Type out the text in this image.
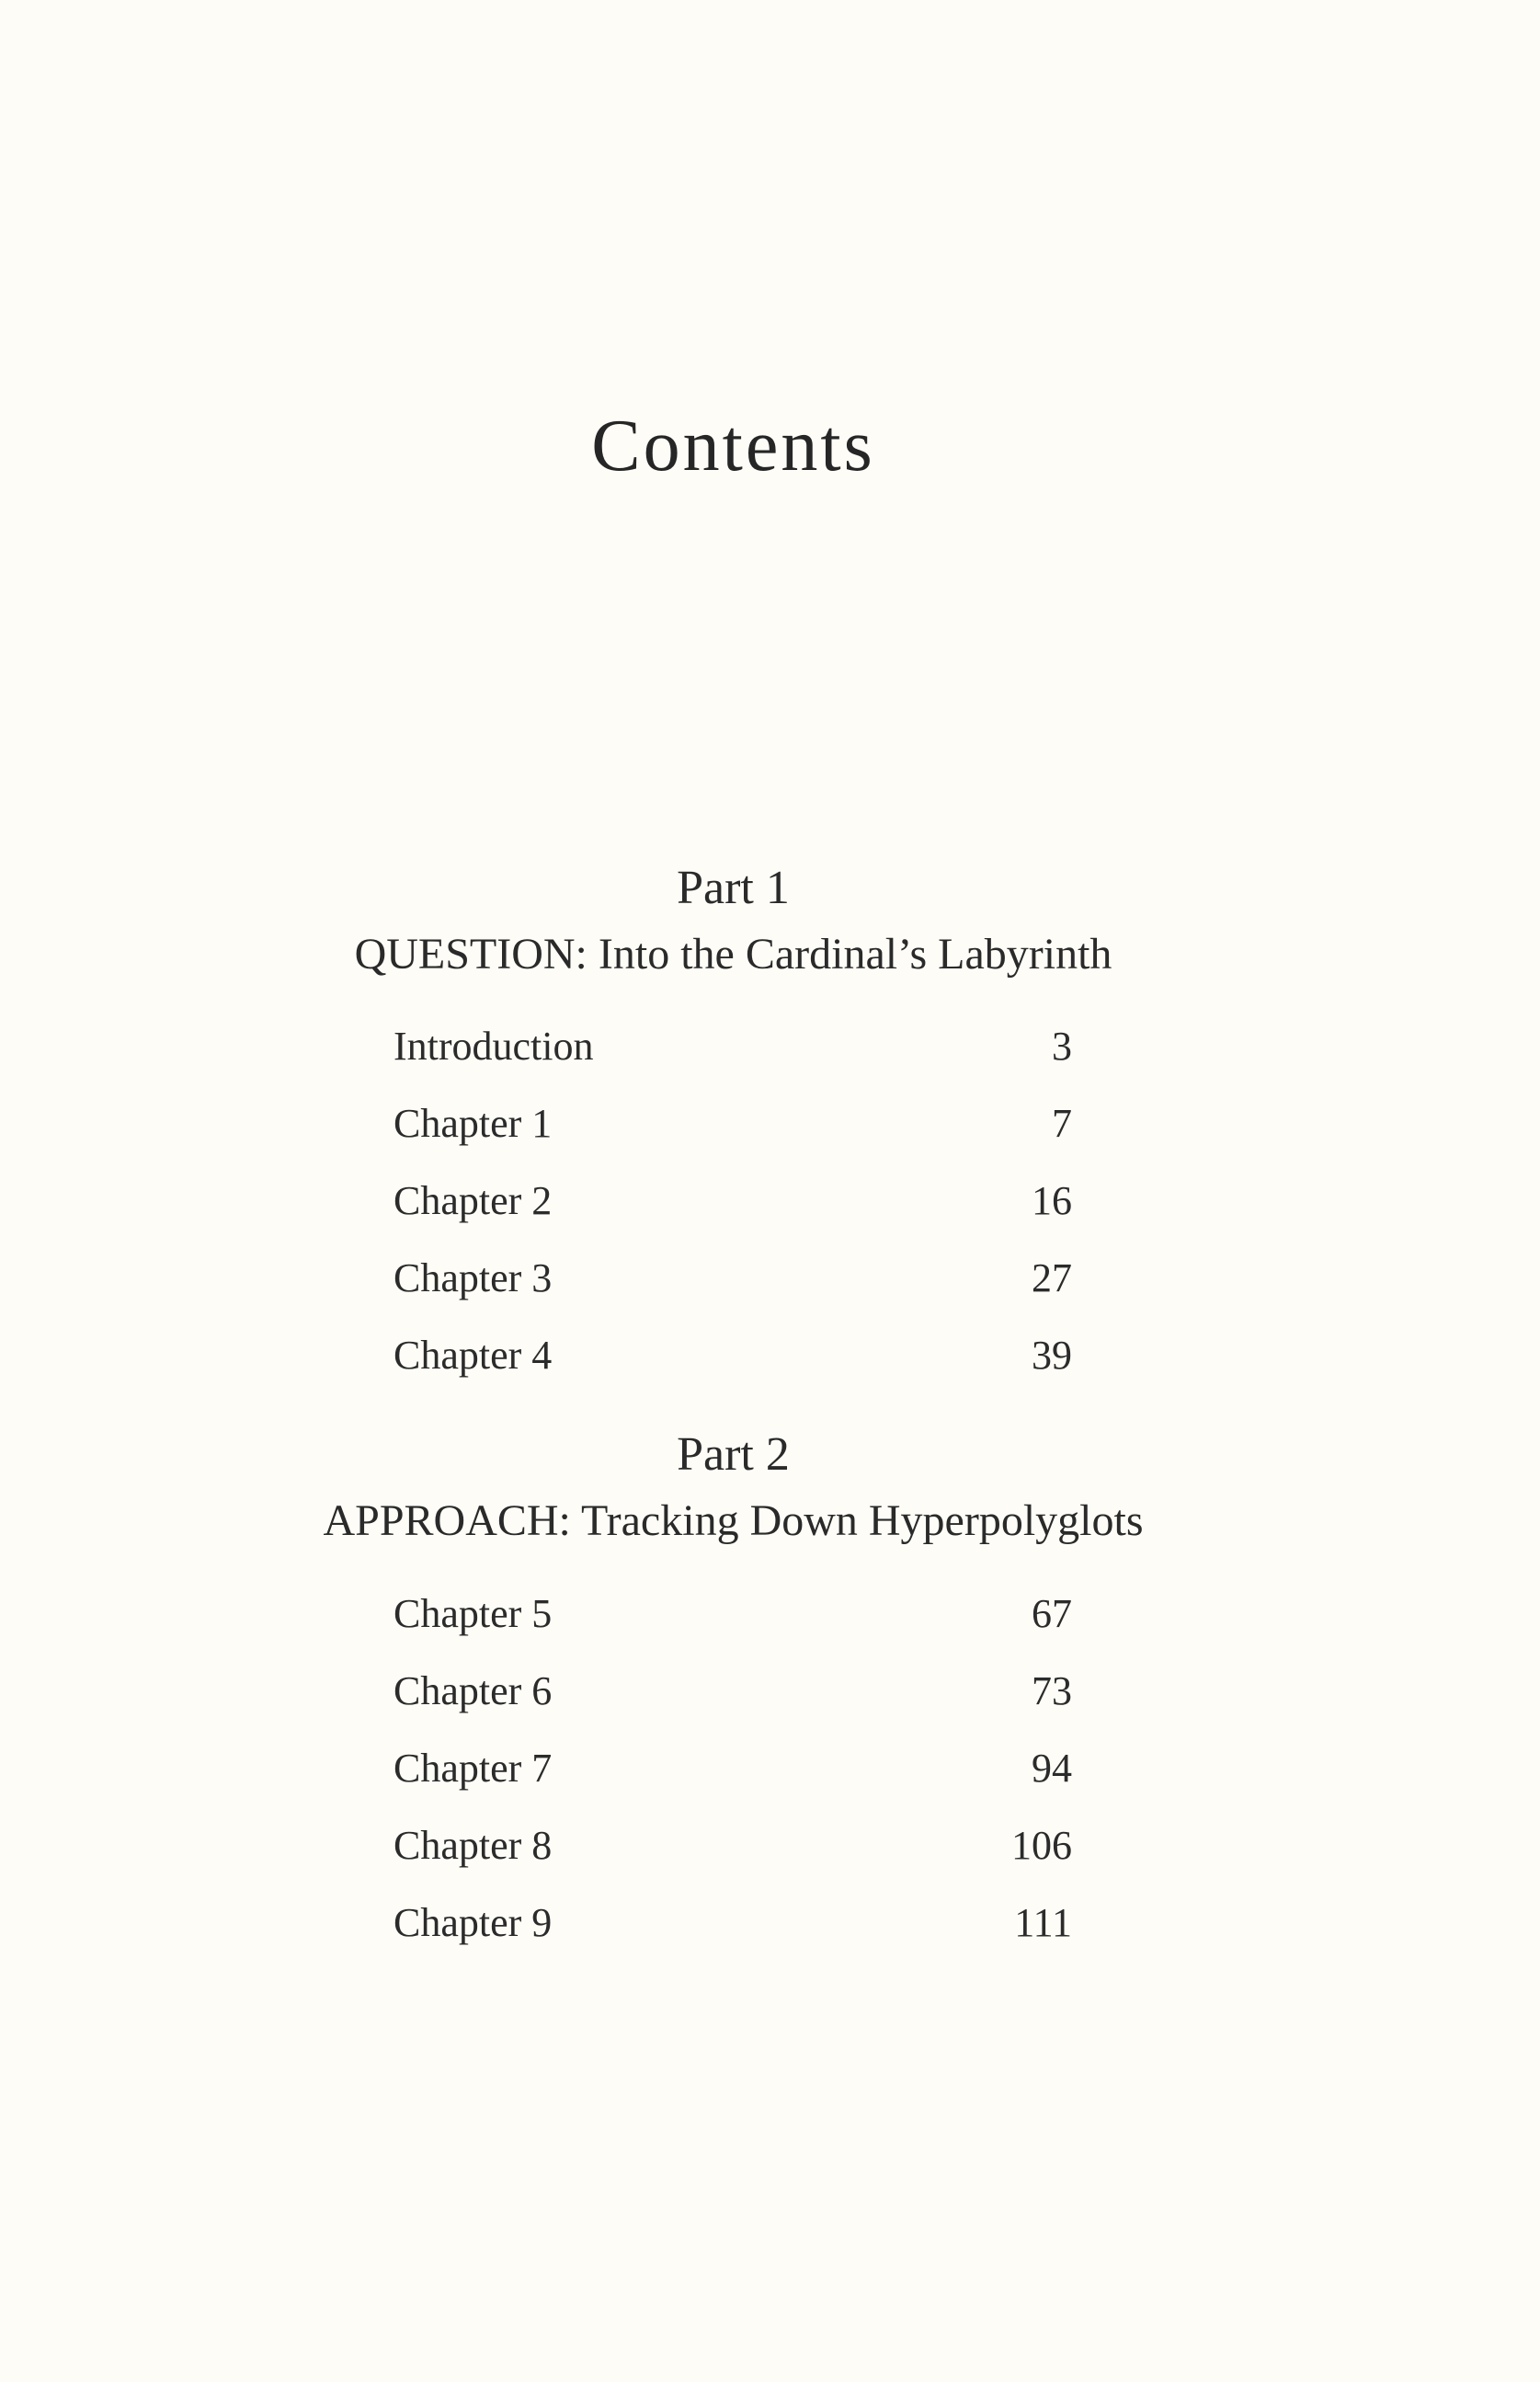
Contents
Part 1
QUESTION: Into the Cardinal’s Labyrinth
Introduction	3
Chapter 1	7
Chapter 2	16
Chapter 3	27
Chapter 4	39
Part 2
APPROACH: Tracking Down Hyperpolyglots
Chapter 5	67
Chapter 6	73
Chapter 7	94
Chapter 8	106
Chapter 9	111
